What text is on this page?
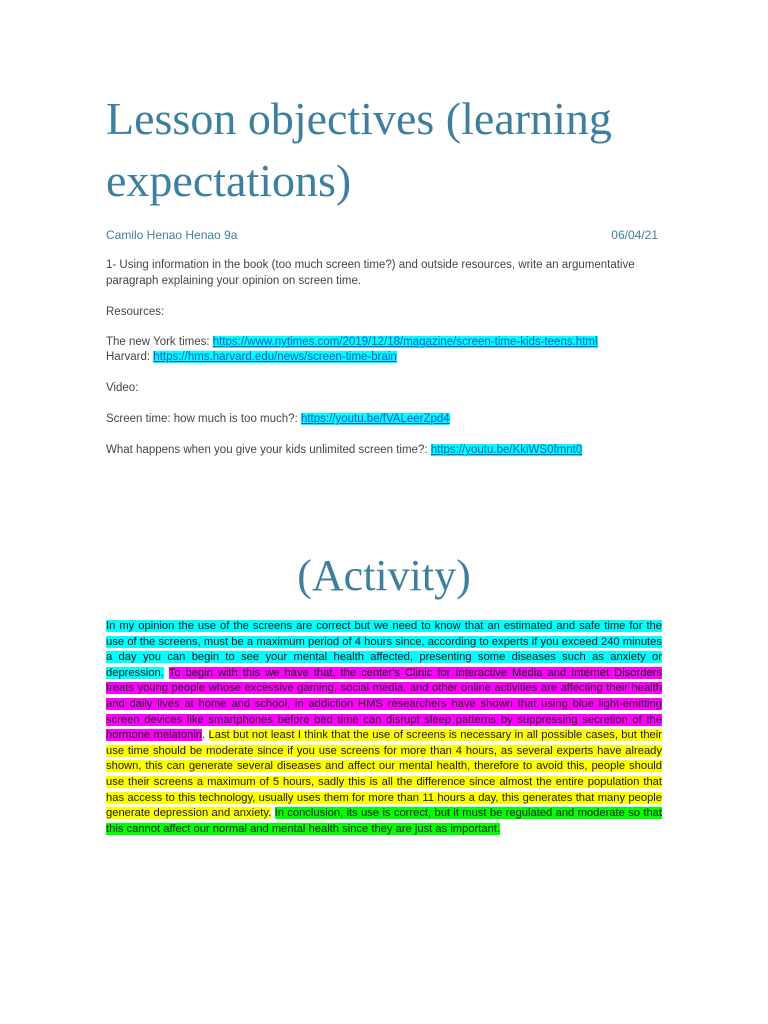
Lesson objectives (learning expectations)
Camilo Henao Henao 9a	06/04/21
1- Using information in the book (too much screen time?) and outside resources, write an argumentative paragraph explaining your opinion on screen time.
Resources:
The new York times: https://www.nytimes.com/2019/12/18/magazine/screen-time-kids-teens.html
Harvard: https://hms.harvard.edu/news/screen-time-brain
Video:
Screen time: how much is too much?: https://youtu.be/fVALeerZpd4
What happens when you give your kids unlimited screen time?: https://youtu.be/KkiWS0fmnt0
(Activity)

In my opinion the use of the screens are correct but we need to know that an estimated and safe time for the use of the screens, must be a maximum period of 4 hours since, according to experts if you exceed 240 minutes a day you can begin to see your mental health affected, presenting some diseases such as anxiety or depression. To begin with this we have that, the center's Clinic for Interactive Media and Internet Disorders treats young people whose excessive gaming, social media, and other online activities are affecting their health and daily lives at home and school, in addiction HMS researchers have shown that using blue light-emitting screen devices like smartphones before bed time can disrupt sleep patterns by suppressing secretion of the hormone melatonin. Last but not least I think that the use of screens is necessary in all possible cases, but their use time should be moderate since if you use screens for more than 4 hours, as several experts have already shown, this can generate several diseases and affect our mental health, therefore to avoid this, people should use their screens a maximum of 5 hours, sadly this is all the difference since almost the entire population that has access to this technology, usually uses them for more than 11 hours a day, this generates that many people generate depression and anxiety. In conclusion, its use is correct, but it must be regulated and moderate so that this cannot affect our normal and mental health since they are just as important.
